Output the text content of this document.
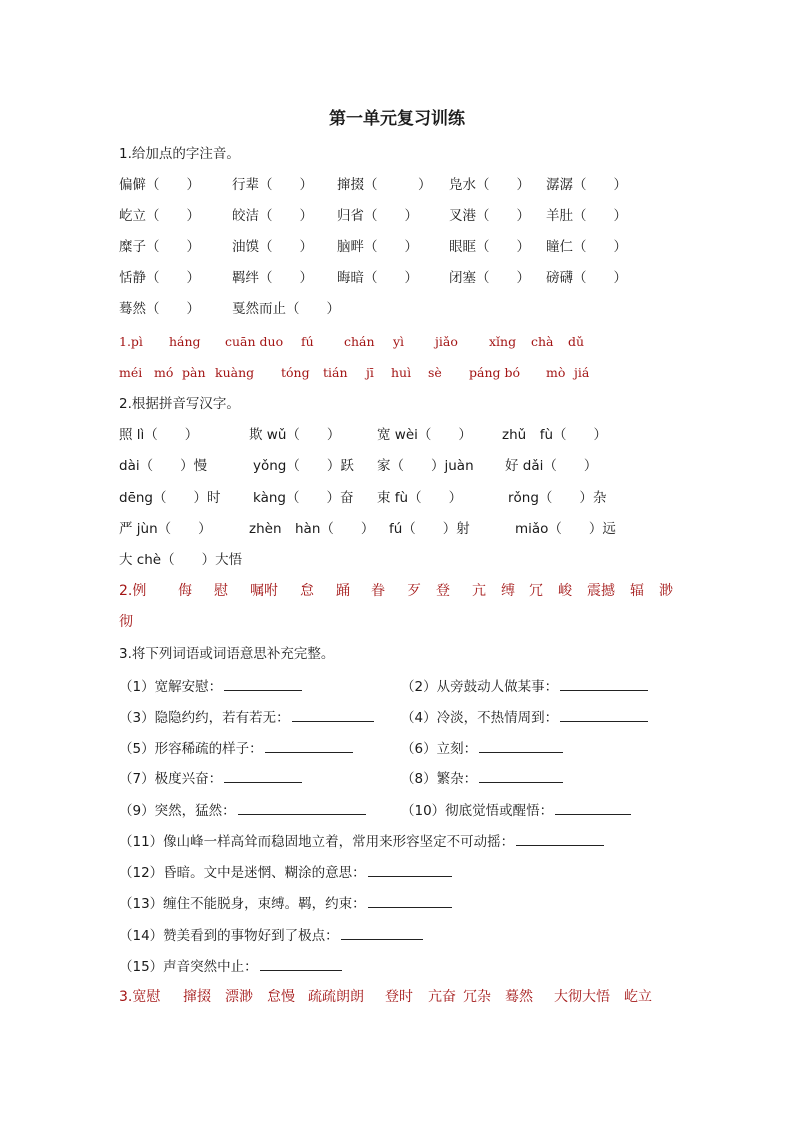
第一单元复习训练
1.给加点的字注音。
偏僻（　　） 行辈（　　） 撺掇（　　　） 凫水（　　） 潺潺（　　）
屹立（　　） 皎洁（　　） 归省（　　） 叉港（　　） 羊肚（　　）
糜子（　　） 油馍（　　） 脑畔（　　） 眼眶（　　） 瞳仁（　　）
恬静（　　） 羁绊（　　） 晦暗（　　） 闭塞（　　） 磅礴（　　）
蓦然（　　） 戛然而止（　　）
1.pì háng cuān duo fú chán yì jiǎo xǐng chà dǔ
méi mó pàn kuàng tóng tián jī huì sè páng bó mò jiá
2.根据拼音写汉字。
照 lì（　　）	欺 wǔ（　　）	宽 wèi（　　） zhǔ　fù（　　）
dài（　　）慢	yǒng（　　）跃 家（　　）juàn 好 dǎi（　　）
dēng（　　）时 kàng（　　）奋 束 fù（　　）	rǒng（　　）杂
严 jùn（　　）	zhèn　hàn（　　） fú（　　）射	miǎo（　　）远
大 chè（　　）大悟
2.例 侮 慰 嘱咐 怠 踊 眷 歹 登 亢 缚 冗 峻 震撼 辐 渺
彻
3.将下列词语或词语意思补充完整。
（1）宽解安慰：	（2）从旁鼓动人做某事：
（3）隐隐约约，若有若无：	（4）冷淡，不热情周到：
（5）形容稀疏的样子：	（6）立刻：
（7）极度兴奋：	（8）繁杂：
（9）突然，猛然：	（10）彻底觉悟或醒悟：
（11）像山峰一样高耸而稳固地立着，常用来形容坚定不可动摇：
（12）昏暗。文中是迷惘、糊涂的意思：
（13）缠住不能脱身，束缚。羁，约束：
（14）赞美看到的事物好到了极点：
（15）声音突然中止：
3.宽慰 撺掇 漂渺 怠慢 疏疏朗朗 登时 亢奋 冗杂 蓦然 大彻大悟 屹立
